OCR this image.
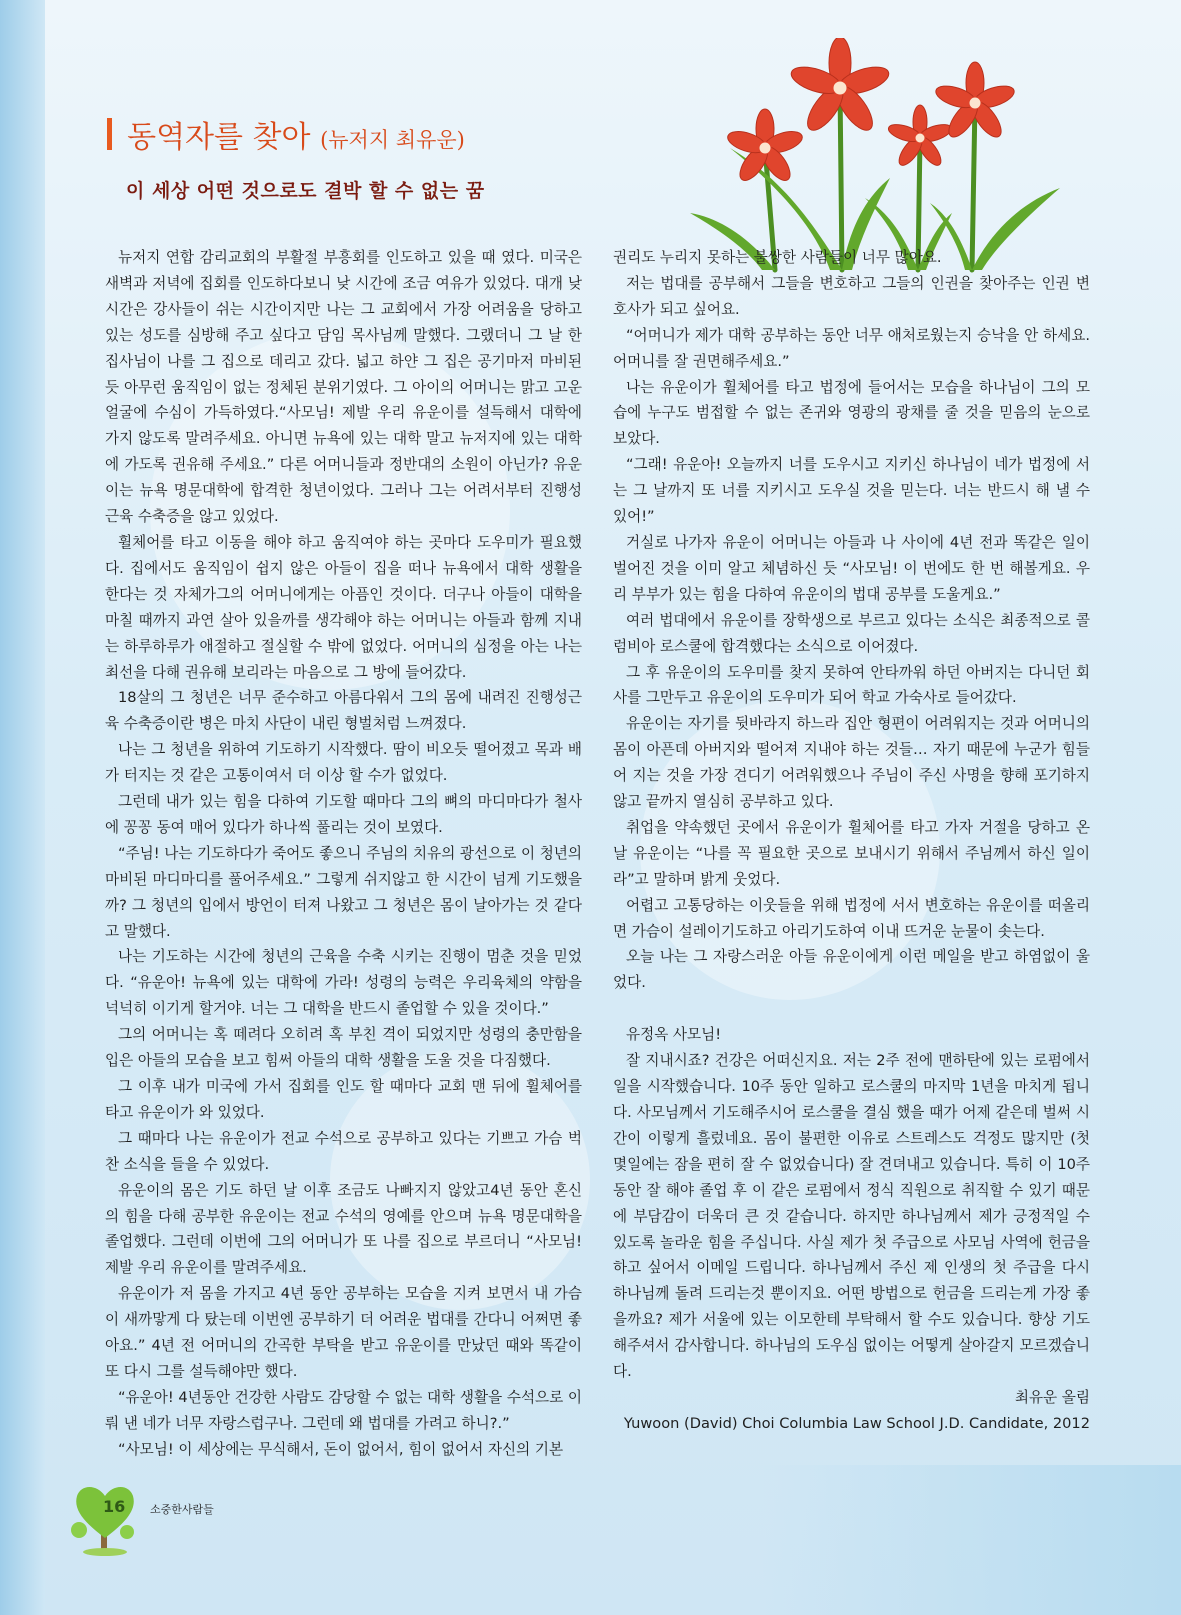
동역자를 찾아 (뉴저지 최유운)
이 세상 어떤 것으로도 결박 할 수 없는 꿈

뉴저지 연합 감리교회의 부활절 부흥회를 인도하고 있을 때 였다. 미국은 새벽과 저녁에 집회를 인도하다보니 낮 시간에 조금 여유가 있었다. 대개 낮 시간은 강사들이 쉬는 시간이지만 나는 그 교회에서 가장 어려움을 당하고 있는 성도를 심방해 주고 싶다고 담임 목사님께 말했다. 그랬더니 그 날 한 집사님이 나를 그 집으로 데리고 갔다. 넓고 하얀 그 집은 공기마저 마비된 듯 아무런 움직임이 없는 정체된 분위기였다. 그 아이의 어머니는 맑고 고운 얼굴에 수심이 가득하였다.“사모님! 제발 우리 유운이를 설득해서 대학에 가지 않도록 말려주세요. 아니면 뉴욕에 있는 대학 말고 뉴저지에 있는 대학에 가도록 권유해 주세요.” 다른 어머니들과 정반대의 소원이 아닌가? 유운이는 뉴욕 명문대학에 합격한 청년이었다. 그러나 그는 어려서부터 진행성 근육 수축증을 않고 있었다.

휠체어를 타고 이동을 해야 하고 움직여야 하는 곳마다 도우미가 필요했다. 집에서도 움직임이 쉽지 않은 아들이 집을 떠나 뉴욕에서 대학 생활을 한다는 것 자체가그의 어머니에게는 아픔인 것이다. 더구나 아들이 대학을 마칠 때까지 과연 살아 있을까를 생각해야 하는 어머니는 아들과 함께 지내는 하루하루가 애절하고 절실할 수 밖에 없었다. 어머니의 심정을 아는 나는 최선을 다해 권유해 보리라는 마음으로 그 방에 들어갔다.

18살의 그 청년은 너무 준수하고 아름다워서 그의 몸에 내려진 진행성근육 수축증이란 병은 마치 사단이 내린 형벌처럼 느껴졌다.

나는 그 청년을 위하여 기도하기 시작했다. 땀이 비오듯 떨어졌고 목과 배가 터지는 것 같은 고통이여서 더 이상 할 수가 없었다.

그런데 내가 있는 힘을 다하여 기도할 때마다 그의 뼈의 마디마다가 철사에 꽁꽁 동여 매어 있다가 하나씩 풀리는 것이 보였다.

“주님! 나는 기도하다가 죽어도 좋으니 주님의 치유의 광선으로 이 청년의 마비된 마디마디를 풀어주세요.” 그렇게 쉬지않고 한 시간이 넘게 기도했을까? 그 청년의 입에서 방언이 터져 나왔고 그 청년은 몸이 날아가는 것 같다고 말했다.

나는 기도하는 시간에 청년의 근육을 수축 시키는 진행이 멈춘 것을 믿었다. “유운아! 뉴욕에 있는 대학에 가라! 성령의 능력은 우리육체의 약함을 넉넉히 이기게 할거야. 너는 그 대학을 반드시 졸업할 수 있을 것이다.”

그의 어머니는 혹 떼려다 오히려 혹 부친 격이 되었지만 성령의 충만함을 입은 아들의 모습을 보고 힘써 아들의 대학 생활을 도울 것을 다짐했다.

그 이후 내가 미국에 가서 집회를 인도 할 때마다 교회 맨 뒤에 휠체어를 타고 유운이가 와 있었다.

그 때마다 나는 유운이가 전교 수석으로 공부하고 있다는 기쁘고 가슴 벅찬 소식을 들을 수 있었다.

유운이의 몸은 기도 하던 날 이후 조금도 나빠지지 않았고4년 동안 혼신의 힘을 다해 공부한 유운이는 전교 수석의 영예를 안으며 뉴욕 명문대학을 졸업했다. 그런데 이번에 그의 어머니가 또 나를 집으로 부르더니 “사모님! 제발 우리 유운이를 말려주세요.

유운이가 저 몸을 가지고 4년 동안 공부하는 모습을 지켜 보면서 내 가슴이 새까맣게 다 탔는데 이번엔 공부하기 더 어려운 법대를 간다니 어쩌면 좋아요.” 4년 전 어머니의 간곡한 부탁을 받고 유운이를 만났던 때와 똑같이 또 다시 그를 설득해야만 했다.

“유운아! 4년동안 건강한 사람도 감당할 수 없는 대학 생활을 수석으로 이뤄 낸 네가 너무 자랑스럽구나. 그런데 왜 법대를 가려고 하니?.”

“사모님! 이 세상에는 무식해서, 돈이 없어서, 힘이 없어서 자신의 기본

권리도 누리지 못하는 불쌍한 사람들이 너무 많아요.

저는 법대를 공부해서 그들을 변호하고 그들의 인권을 찾아주는 인권 변호사가 되고 싶어요.

“어머니가 제가 대학 공부하는 동안 너무 애처로웠는지 승낙을 안 하세요. 어머니를 잘 권면해주세요.”

나는 유운이가 휠체어를 타고 법정에 들어서는 모습을 하나님이 그의 모습에 누구도 범접할 수 없는 존귀와 영광의 광채를 줄 것을 믿음의 눈으로 보았다.

“그래! 유운아! 오늘까지 너를 도우시고 지키신 하나님이 네가 법정에 서는 그 날까지 또 너를 지키시고 도우실 것을 믿는다. 너는 반드시 해 낼 수 있어!”

거실로 나가자 유운이 어머니는 아들과 나 사이에 4년 전과 똑같은 일이 벌어진 것을 이미 알고 체념하신 듯 “사모님! 이 번에도 한 번 해볼게요. 우리 부부가 있는 힘을 다하여 유운이의 법대 공부를 도울게요.”

여러 법대에서 유운이를 장학생으로 부르고 있다는 소식은 최종적으로 콜럼비아 로스쿨에 합격했다는 소식으로 이어졌다.

그 후 유운이의 도우미를 찾지 못하여 안타까워 하던 아버지는 다니던 회사를 그만두고 유운이의 도우미가 되어 학교 가숙사로 들어갔다.

유운이는 자기를 뒷바라지 하느라 집안 형편이 어려워지는 것과 어머니의 몸이 아픈데 아버지와 떨어져 지내야 하는 것들… 자기 때문에 누군가 힘들어 지는 것을 가장 견디기 어려워했으나 주님이 주신 사명을 향해 포기하지 않고 끝까지 열심히 공부하고 있다.

취업을 약속했던 곳에서 유운이가 휠체어를 타고 가자 거절을 당하고 온 날 유운이는 “나를 꼭 필요한 곳으로 보내시기 위해서 주님께서 하신 일이라”고 말하며 밝게 웃었다.

어렵고 고통당하는 이웃들을 위해 법정에 서서 변호하는 유운이를 떠올리면 가슴이 설레이기도하고 아리기도하여 이내 뜨거운 눈물이 솟는다.

오늘 나는 그 자랑스러운 아들 유운이에게 이런 메일을 받고 하염없이 울었다.

유정옥 사모님!

잘 지내시죠? 건강은 어떠신지요. 저는 2주 전에 맨하탄에 있는 로펌에서 일을 시작했습니다. 10주 동안 일하고 로스쿨의 마지막 1년을 마치게 됩니다. 사모님께서 기도해주시어 로스쿨을 결심 했을 때가 어제 같은데 벌써 시간이 이렇게 흘렀네요. 몸이 불편한 이유로 스트레스도 걱정도 많지만 (첫 몇일에는 잠을 편히 잘 수 없었습니다) 잘 견뎌내고 있습니다. 특히 이 10주 동안 잘 해야 졸업 후 이 같은 로펌에서 정식 직원으로 취직할 수 있기 때문에 부담감이 더욱더 큰 것 같습니다. 하지만 하나님께서 제가 긍정적일 수 있도록 놀라운 힘을 주십니다. 사실 제가 첫 주급으로 사모님 사역에 헌금을 하고 싶어서 이메일 드립니다. 하나님께서 주신 제 인생의 첫 주급을 다시 하나님께 돌려 드리는것 뿐이지요. 어떤 방법으로 헌금을 드리는게 가장 좋을까요? 제가 서울에 있는 이모한테 부탁해서 할 수도 있습니다. 향상 기도해주셔서 감사합니다. 하나님의 도우심 없이는 어떻게 살아갈지 모르겠습니다.

최유운 올림

Yuwoon (David) Choi Columbia Law School J.D. Candidate, 2012

16 소중한사람들
